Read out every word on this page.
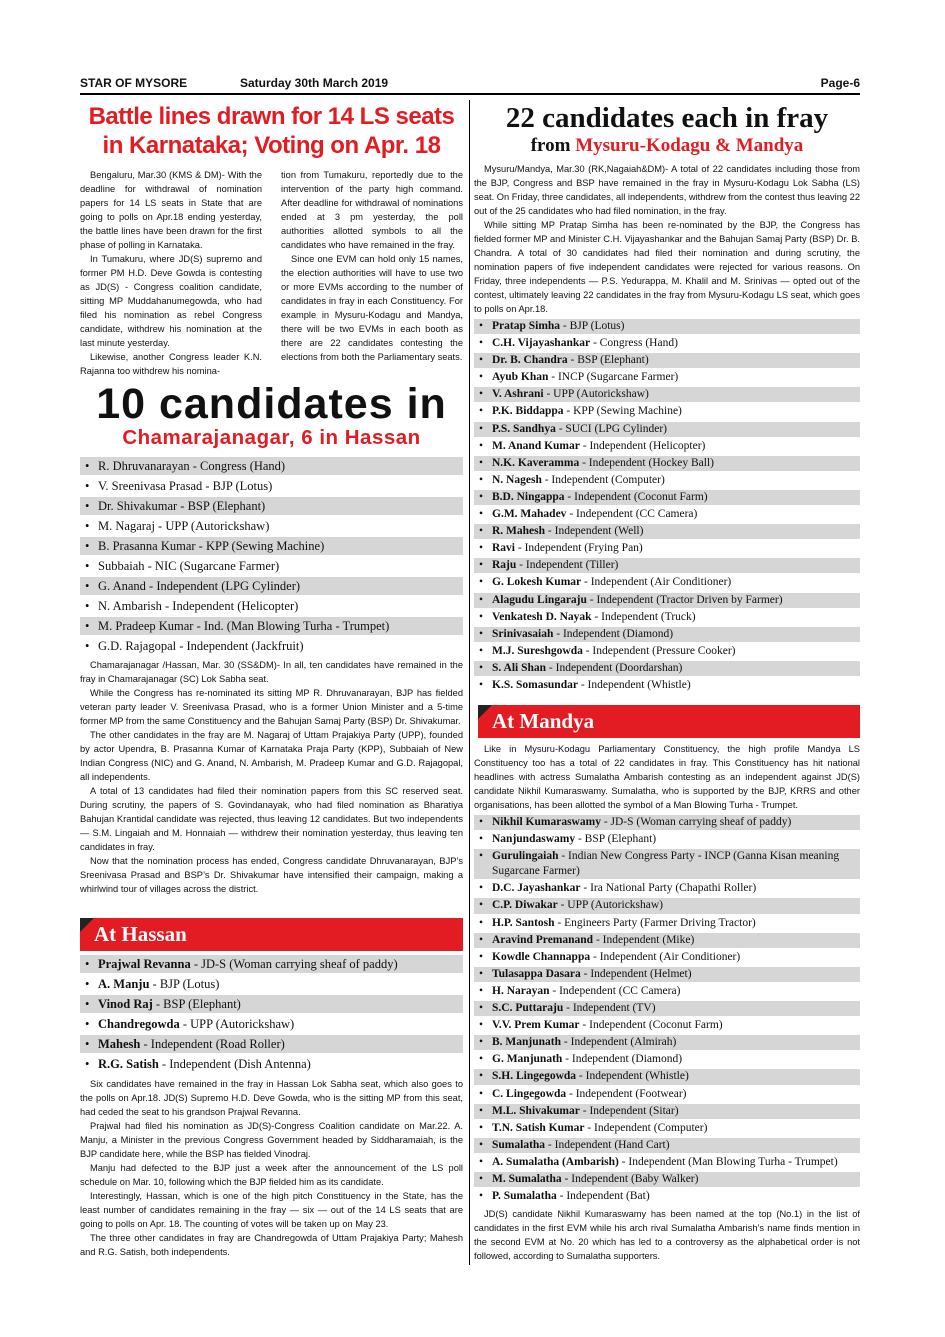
STAR OF MYSORE	Saturday 30th March 2019	Page-6
Battle lines drawn for 14 LS seats
in Karnataka; Voting on Apr. 18

Bengaluru, Mar.30 (KMS & DM)- With the deadline for withdrawal of nomination papers for 14 LS seats in State that are going to polls on Apr.18 ending yesterday, the battle lines have been drawn for the first phase of polling in Karnataka.

In Tumakuru, where JD(S) supremo and former PM H.D. Deve Gowda is contesting as JD(S) - Congress coalition candidate, sitting MP Muddahanumegowda, who had filed his nomination as rebel Congress candidate, withdrew his nomination at the last minute yesterday.

Likewise, another Congress leader K.N. Rajanna too withdrew his nomina-

tion from Tumakuru, reportedly due to the intervention of the party high command. After deadline for withdrawal of nominations ended at 3 pm yesterday, the poll authorities allotted symbols to all the candidates who have remained in the fray.

Since one EVM can hold only 15 names, the election authorities will have to use two or more EVMs according to the number of candidates in fray in each Constituency. For example in Mysuru-Kodagu and Mandya, there will be two EVMs in each booth as there are 22 candidates contesting the elections from both the Parliamentary seats.

10 candidates in
Chamarajanagar, 6 in Hassan
• R. Dhruvanarayan - Congress (Hand)
• V. Sreenivasa Prasad - BJP (Lotus)
• Dr. Shivakumar - BSP (Elephant)
• M. Nagaraj - UPP (Autorickshaw)
• B. Prasanna Kumar - KPP (Sewing Machine)
• Subbaiah - NIC (Sugarcane Farmer)
• G. Anand - Independent (LPG Cylinder)
• N. Ambarish - Independent (Helicopter)
• M. Pradeep Kumar - Ind. (Man Blowing Turha - Trumpet)
• G.D. Rajagopal - Independent (Jackfruit)

Chamarajanagar /Hassan, Mar. 30 (SS&DM)- In all, ten candidates have remained in the fray in Chamarajanagar (SC) Lok Sabha seat.

While the Congress has re-nominated its sitting MP R. Dhruvanarayan, BJP has fielded veteran party leader V. Sreenivasa Prasad, who is a former Union Minister and a 5-time former MP from the same Constituency and the Bahujan Samaj Party (BSP) Dr. Shivakumar.

The other candidates in the fray are M. Nagaraj of Uttam Prajakiya Party (UPP), founded by actor Upendra, B. Prasanna Kumar of Karnataka Praja Party (KPP), Subbaiah of New Indian Congress (NIC) and G. Anand, N. Ambarish, M. Pradeep Kumar and G.D. Rajagopal, all independents.

A total of 13 candidates had filed their nomination papers from this SC reserved seat. During scrutiny, the papers of S. Govindanayak, who had filed nomination as Bharatiya Bahujan Krantidal candidate was rejected, thus leaving 12 candidates. But two independents — S.M. Lingaiah and M. Honnaiah — withdrew their nomination yesterday, thus leaving ten candidates in fray.

Now that the nomination process has ended, Congress candidate Dhruvanarayan, BJP’s Sreenivasa Prasad and BSP’s Dr. Shivakumar have intensified their campaign, making a whirlwind tour of villages across the district.

At Hassan
• Prajwal Revanna - JD-S (Woman carrying sheaf of paddy)
• A. Manju - BJP (Lotus)
• Vinod Raj - BSP (Elephant)
• Chandregowda - UPP (Autorickshaw)
• Mahesh - Independent (Road Roller)
• R.G. Satish - Independent (Dish Antenna)

Six candidates have remained in the fray in Hassan Lok Sabha seat, which also goes to the polls on Apr.18. JD(S) Supremo H.D. Deve Gowda, who is the sitting MP from this seat, had ceded the seat to his grandson Prajwal Revanna.

Prajwal had filed his nomination as JD(S)-Congress Coalition candidate on Mar.22. A. Manju, a Minister in the previous Congress Government headed by Siddharamaiah, is the BJP candidate here, while the BSP has fielded Vinodraj.

Manju had defected to the BJP just a week after the announcement of the LS poll schedule on Mar. 10, following which the BJP fielded him as its candidate.

Interestingly, Hassan, which is one of the high pitch Constituency in the State, has the least number of candidates remaining in the fray — six — out of the 14 LS seats that are going to polls on Apr. 18. The counting of votes will be taken up on May 23.

The three other candidates in fray are Chandregowda of Uttam Prajakiya Party; Mahesh and R.G. Satish, both independents.

22 candidates each in fray
from Mysuru-Kodagu & Mandya

Mysuru/Mandya, Mar.30 (RK,Nagaiah&DM)- A total of 22 candidates including those from the BJP, Congress and BSP have remained in the fray in Mysuru-Kodagu Lok Sabha (LS) seat. On Friday, three candidates, all independents, withdrew from the contest thus leaving 22 out of the 25 candidates who had filed nomination, in the fray.

While sitting MP Pratap Simha has been re-nominated by the BJP, the Congress has fielded former MP and Minister C.H. Vijayashankar and the Bahujan Samaj Party (BSP) Dr. B. Chandra. A total of 30 candidates had filed their nomination and during scrutiny, the nomination papers of five independent candidates were rejected for various reasons. On Friday, three independents — P.S. Yedurappa, M. Khalil and M. Srinivas — opted out of the contest, ultimately leaving 22 candidates in the fray from Mysuru-Kodagu LS seat, which goes to polls on Apr.18.

• Pratap Simha - BJP (Lotus)
• C.H. Vijayashankar - Congress (Hand)
• Dr. B. Chandra - BSP (Elephant)
• Ayub Khan - INCP (Sugarcane Farmer)
• V. Ashrani - UPP (Autorickshaw)
• P.K. Biddappa - KPP (Sewing Machine)
• P.S. Sandhya - SUCI (LPG Cylinder)
• M. Anand Kumar - Independent (Helicopter)
• N.K. Kaveramma - Independent (Hockey Ball)
• N. Nagesh - Independent (Computer)
• B.D. Ningappa - Independent (Coconut Farm)
• G.M. Mahadev - Independent (CC Camera)
• R. Mahesh - Independent (Well)
• Ravi - Independent (Frying Pan)
• Raju - Independent (Tiller)
• G. Lokesh Kumar - Independent (Air Conditioner)
• Alagudu Lingaraju - Independent (Tractor Driven by Farmer)
• Venkatesh D. Nayak - Independent (Truck)
• Srinivasaiah - Independent (Diamond)
• M.J. Sureshgowda - Independent (Pressure Cooker)
• S. Ali Shan - Independent (Doordarshan)
• K.S. Somasundar - Independent (Whistle)
At Mandya

Like in Mysuru-Kodagu Parliamentary Constituency, the high profile Mandya LS Constituency too has a total of 22 candidates in fray. This Constituency has hit national headlines with actress Sumalatha Ambarish contesting as an independent against JD(S) candidate Nikhil Kumaraswamy. Sumalatha, who is supported by the BJP, KRRS and other organisations, has been allotted the symbol of a Man Blowing Turha - Trumpet.

• Nikhil Kumaraswamy - JD-S (Woman carrying sheaf of paddy)
• Nanjundaswamy - BSP (Elephant)
• Gurulingaiah - Indian New Congress Party - INCP (Ganna Kisan meaning Sugarcane Farmer)
• D.C. Jayashankar - Ira National Party (Chapathi Roller)
• C.P. Diwakar - UPP (Autorickshaw)
• H.P. Santosh - Engineers Party (Farmer Driving Tractor)
• Aravind Premanand - Independent (Mike)
• Kowdle Channappa - Independent (Air Conditioner)
• Tulasappa Dasara - Independent (Helmet)
• H. Narayan - Independent (CC Camera)
• S.C. Puttaraju - Independent (TV)
• V.V. Prem Kumar - Independent (Coconut Farm)
• B. Manjunath - Independent (Almirah)
• G. Manjunath - Independent (Diamond)
• S.H. Lingegowda - Independent (Whistle)
• C. Lingegowda - Independent (Footwear)
• M.L. Shivakumar - Independent (Sitar)
• T.N. Satish Kumar - Independent (Computer)
• Sumalatha - Independent (Hand Cart)
• A. Sumalatha (Ambarish) - Independent (Man Blowing Turha - Trumpet)
• M. Sumalatha - Independent (Baby Walker)
• P. Sumalatha - Independent (Bat)

JD(S) candidate Nikhil Kumaraswamy has been named at the top (No.1) in the list of candidates in the first EVM while his arch rival Sumalatha Ambarish’s name finds mention in the second EVM at No. 20 which has led to a controversy as the alphabetical order is not followed, according to Sumalatha supporters.
